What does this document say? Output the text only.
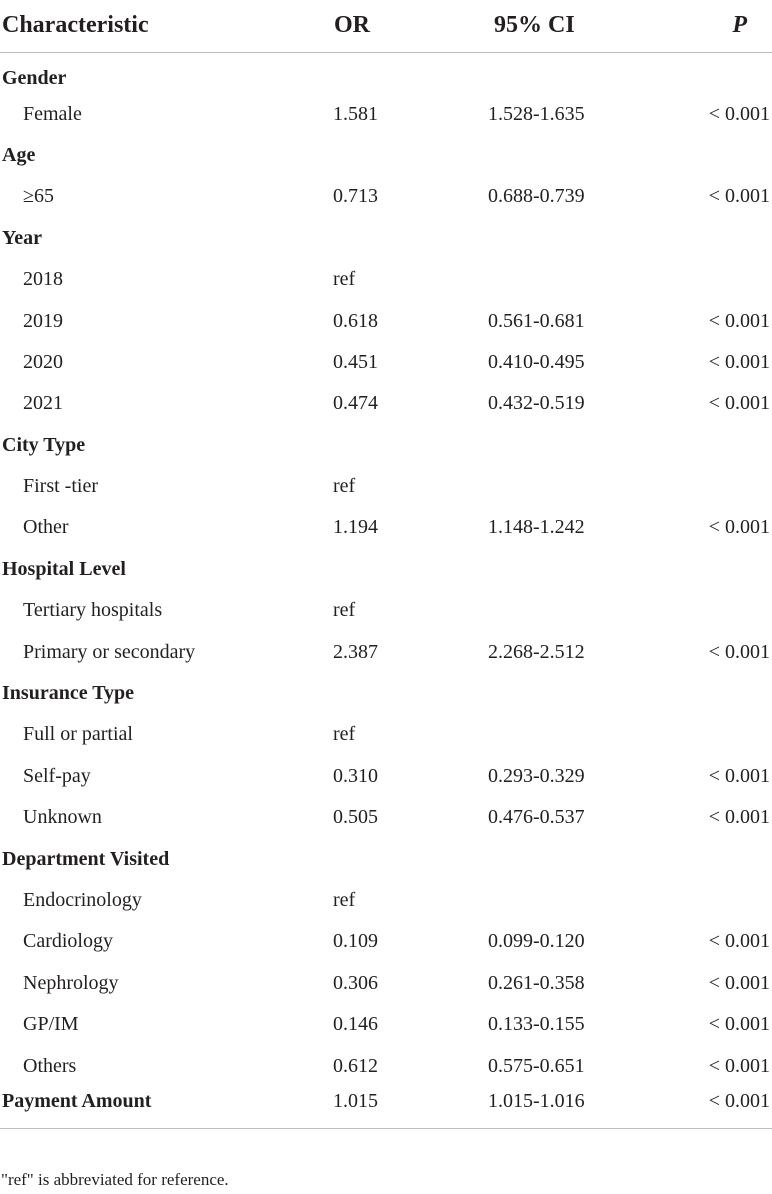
Characteristic	OR	95% CI	P
Gender			
Female	1.581	1.528-1.635	< 0.001
Age			
≥65	0.713	0.688-0.739	< 0.001
Year			
2018	ref		
2019	0.618	0.561-0.681	< 0.001
2020	0.451	0.410-0.495	< 0.001
2021	0.474	0.432-0.519	< 0.001
City Type			
First -tier	ref		
Other	1.194	1.148-1.242	< 0.001
Hospital Level			
Tertiary hospitals	ref		
Primary or secondary	2.387	2.268-2.512	< 0.001
Insurance Type			
Full or partial	ref		
Self-pay	0.310	0.293-0.329	< 0.001
Unknown	0.505	0.476-0.537	< 0.001
Department Visited			
Endocrinology	ref		
Cardiology	0.109	0.099-0.120	< 0.001
Nephrology	0.306	0.261-0.358	< 0.001
GP/IM	0.146	0.133-0.155	< 0.001
Others	0.612	0.575-0.651	< 0.001
Payment Amount	1.015	1.015-1.016	< 0.001
"ref" is abbreviated for reference.
